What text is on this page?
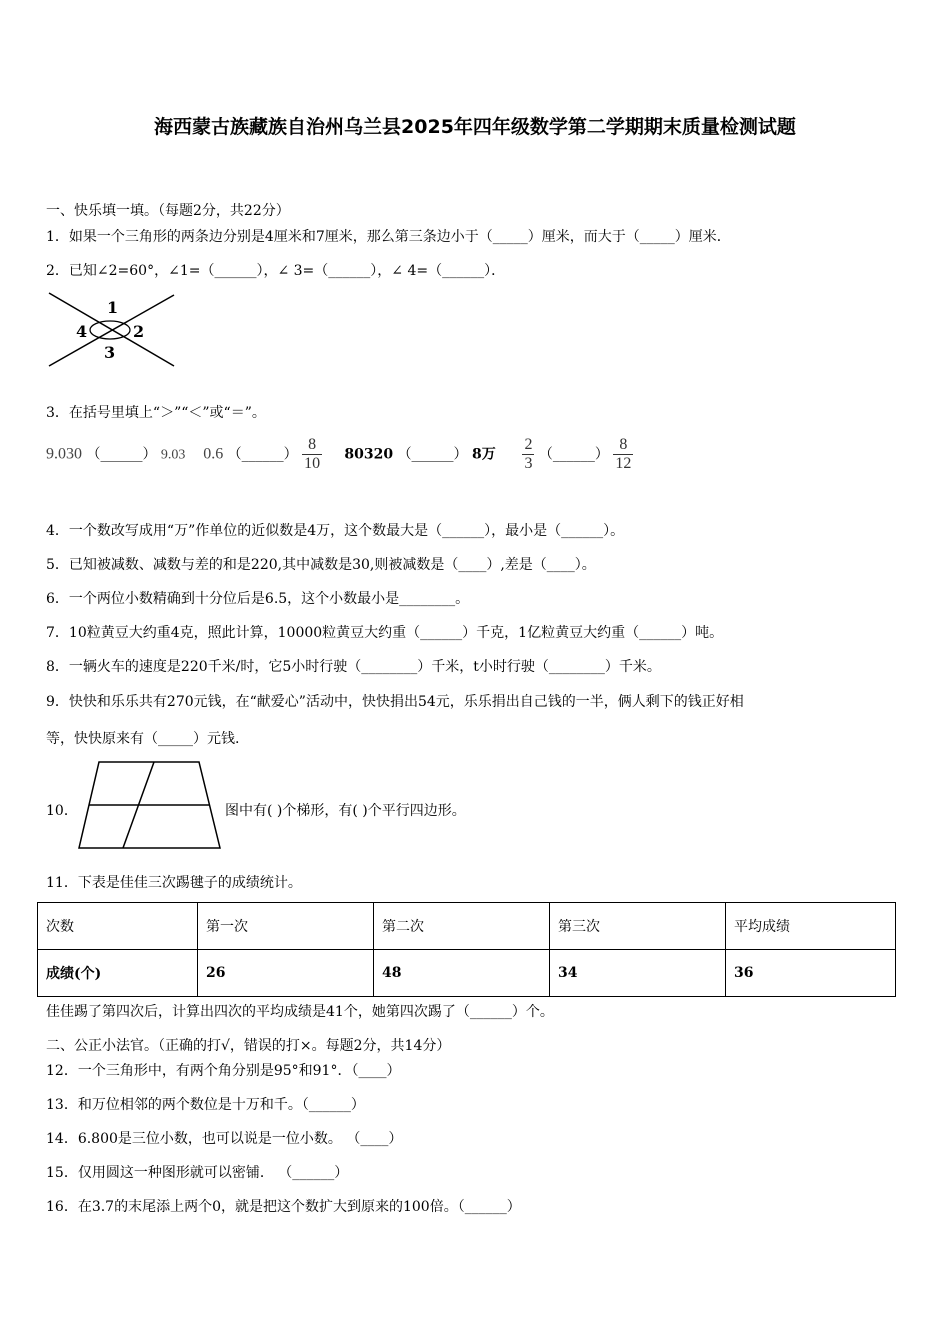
海西蒙古族藏族自治州乌兰县2025年四年级数学第二学期期末质量检测试题
一、快乐填一填。（每题2分，共22分）
1．如果一个三角形的两条边分别是4厘米和7厘米，那么第三条边小于（_____）厘米，而大于（_____）厘米．
2．已知∠2=60°，∠1=（______），∠ 3=（______），∠ 4=（______）．
1
2
3
4
3．在括号里填上“＞”“＜”或“＝”。
9.030 （______） 9.03 0.6 （______） $\frac{8}{10} 80320$ （______） 8万 $\frac{2}{3}$ （______） $\frac{8}{12}$
4．一个数改写成用“万”作单位的近似数是4万，这个数最大是（______），最小是（______）。
5．已知被减数、减数与差的和是220,其中减数是30,则被减数是（____）,差是（____）。
6．一个两位小数精确到十分位后是6.5，这个小数最小是________。
7．10粒黄豆大约重4克，照此计算，10000粒黄豆大约重（______）千克，1亿粒黄豆大约重（______）吨。
8．一辆火车的速度是220千米/时，它5小时行驶（________）千米，t小时行驶（________）千米。
9．快快和乐乐共有270元钱，在“献爱心”活动中，快快捐出54元，乐乐捐出自己钱的一半，俩人剩下的钱正好相
等，快快原来有（_____）元钱.
10．	图中有( )个梯形，有( )个平行四边形。
11．下表是佳佳三次踢毽子的成绩统计。
次数	第一次	第二次	第三次	平均成绩
成绩(个)	26	48	34	36
佳佳踢了第四次后，计算出四次的平均成绩是41个，她第四次踢了（______）个。
二、公正小法官。（正确的打√，错误的打×。每题2分，共14分）
12．一个三角形中，有两个角分别是95°和91°．（____）
13．和万位相邻的两个数位是十万和千。（______）
14．6.800是三位小数，也可以说是一位小数。 （____）
15．仅用圆这一种图形就可以密铺． （______）
16．在3.7的末尾添上两个0，就是把这个数扩大到原来的100倍。（______）
